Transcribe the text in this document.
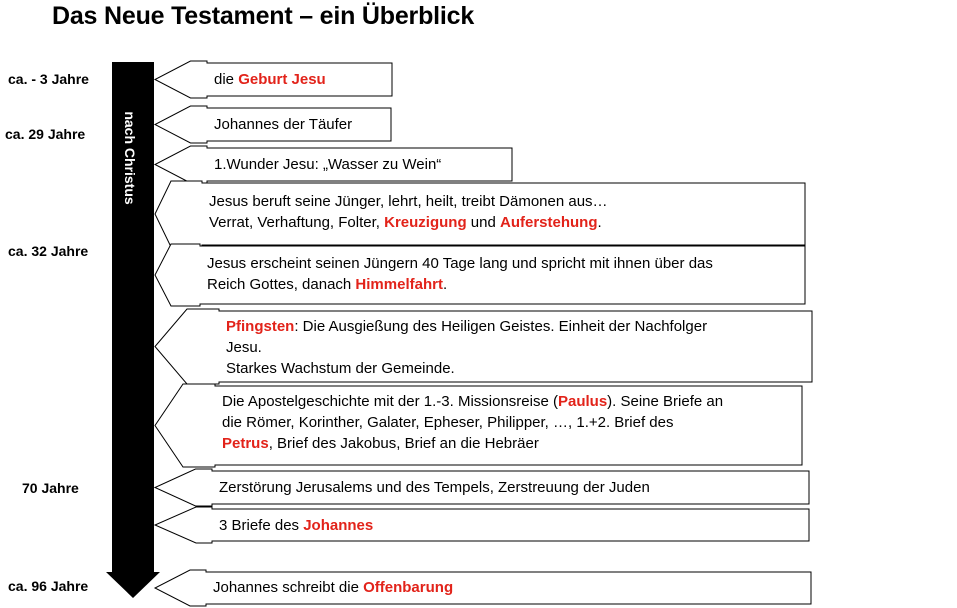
Das Neue Testament – ein Überblick
nach Christus
ca. - 3 Jahre
ca. 29 Jahre
ca. 32 Jahre
70 Jahre
ca. 96 Jahre
die Geburt Jesu
Johannes der Täufer
1.Wunder Jesu: „Wasser zu Wein“
Jesus beruft seine Jünger, lehrt, heilt, treibt Dämonen aus…
Verrat, Verhaftung, Folter, Kreuzigung und Auferstehung.
Jesus erscheint seinen Jüngern 40 Tage lang und spricht mit ihnen über das
Reich Gottes, danach Himmelfahrt.
Pfingsten: Die Ausgießung des Heiligen Geistes. Einheit der Nachfolger
Jesu.
Starkes Wachstum der Gemeinde.
Die Apostelgeschichte mit der 1.-3. Missionsreise (Paulus). Seine Briefe an
die Römer, Korinther, Galater, Epheser, Philipper, …, 1.+2. Brief des
Petrus, Brief des Jakobus, Brief an die Hebräer
Zerstörung Jerusalems und des Tempels, Zerstreuung der Juden
3 Briefe des Johannes
Johannes schreibt die Offenbarung
